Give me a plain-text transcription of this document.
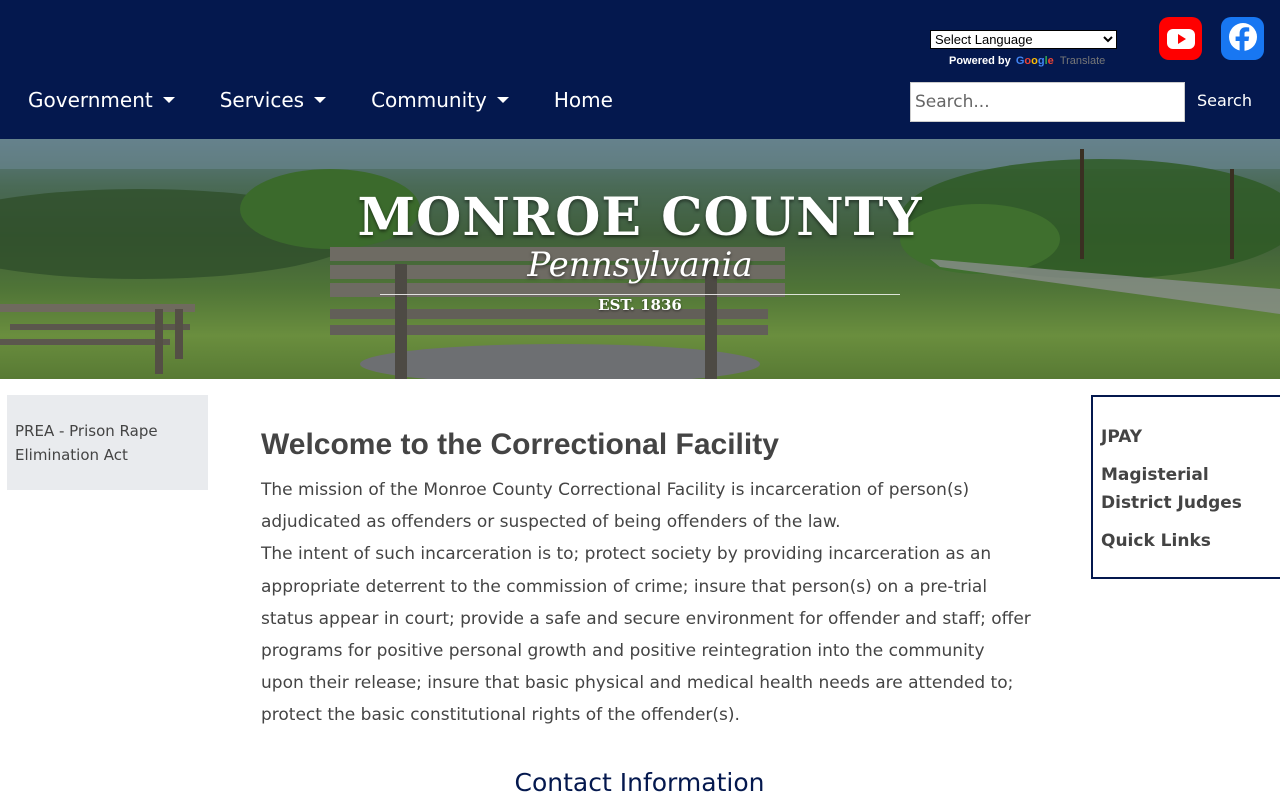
Select Language
Powered by Google Translate
Government	Services	Community	Home
Search...	Search
MONROE COUNTY
Pennsylvania
EST. 1836
PREA - Prison Rape Elimination Act	Welcome to the Correctional Facility

The mission of the Monroe County Correctional Facility is incarceration of person(s) adjudicated as offenders or suspected of being offenders of the law.

The intent of such incarceration is to; protect society by providing incarceration as an appropriate deterrent to the commission of crime; insure that person(s) on a pre-trial status appear in court; provide a safe and secure environment for offender and staff; offer programs for positive personal growth and positive reintegration into the community upon their release; insure that basic physical and medical health needs are attended to; protect the basic constitutional rights of the offender(s).

Contact Information
JPAY
Magisterial District Judges
Quick Links
